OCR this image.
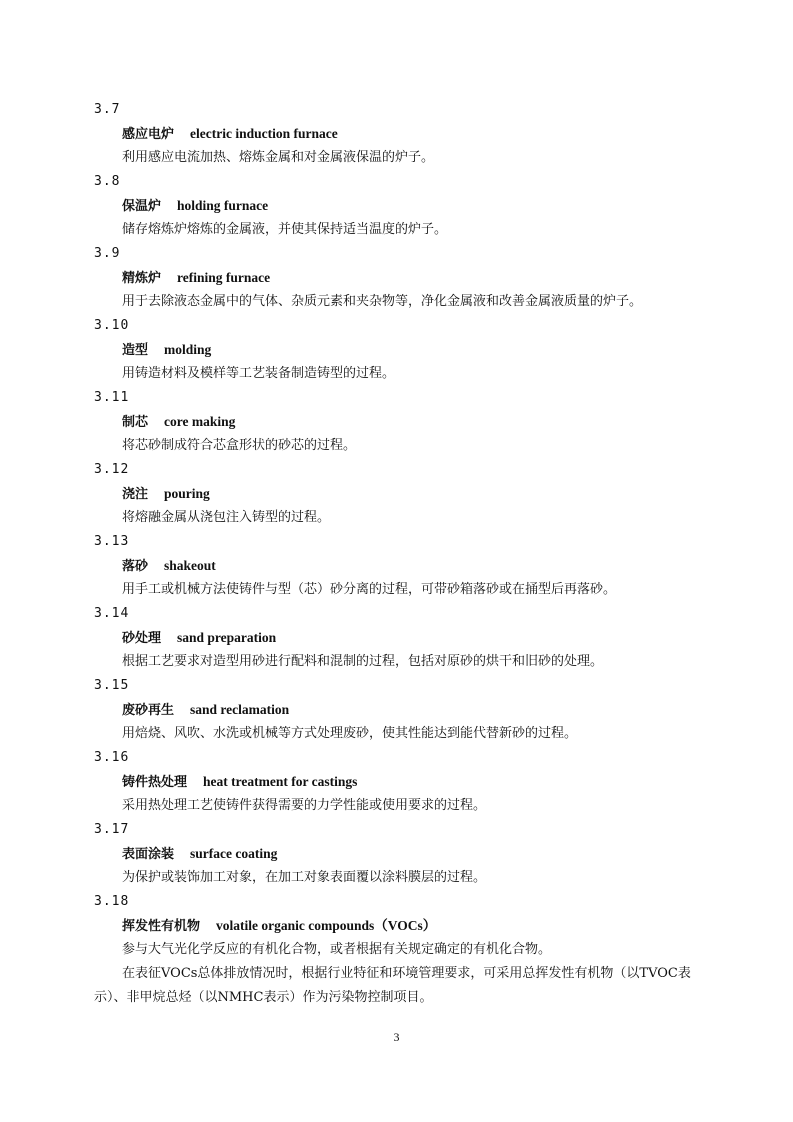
3.7
感应电炉 electric induction furnace
利用感应电流加热、熔炼金属和对金属液保温的炉子。
3.8
保温炉 holding furnace
储存熔炼炉熔炼的金属液，并使其保持适当温度的炉子。
3.9
精炼炉 refining furnace
用于去除液态金属中的气体、杂质元素和夹杂物等，净化金属液和改善金属液质量的炉子。
3.10
造型 molding
用铸造材料及模样等工艺装备制造铸型的过程。
3.11
制芯 core making
将芯砂制成符合芯盒形状的砂芯的过程。
3.12
浇注 pouring
将熔融金属从浇包注入铸型的过程。
3.13
落砂 shakeout
用手工或机械方法使铸件与型（芯）砂分离的过程，可带砂箱落砂或在捅型后再落砂。
3.14
砂处理 sand preparation
根据工艺要求对造型用砂进行配料和混制的过程，包括对原砂的烘干和旧砂的处理。
3.15
废砂再生 sand reclamation
用焙烧、风吹、水洗或机械等方式处理废砂，使其性能达到能代替新砂的过程。
3.16
铸件热处理 heat treatment for castings
采用热处理工艺使铸件获得需要的力学性能或使用要求的过程。
3.17
表面涂装 surface coating
为保护或装饰加工对象，在加工对象表面覆以涂料膜层的过程。
3.18
挥发性有机物 volatile organic compounds（VOCs）
参与大气光化学反应的有机化合物，或者根据有关规定确定的有机化合物。
在表征VOCs总体排放情况时，根据行业特征和环境管理要求，可采用总挥发性有机物（以TVOC表示）、非甲烷总烃（以NMHC表示）作为污染物控制项目。
3
